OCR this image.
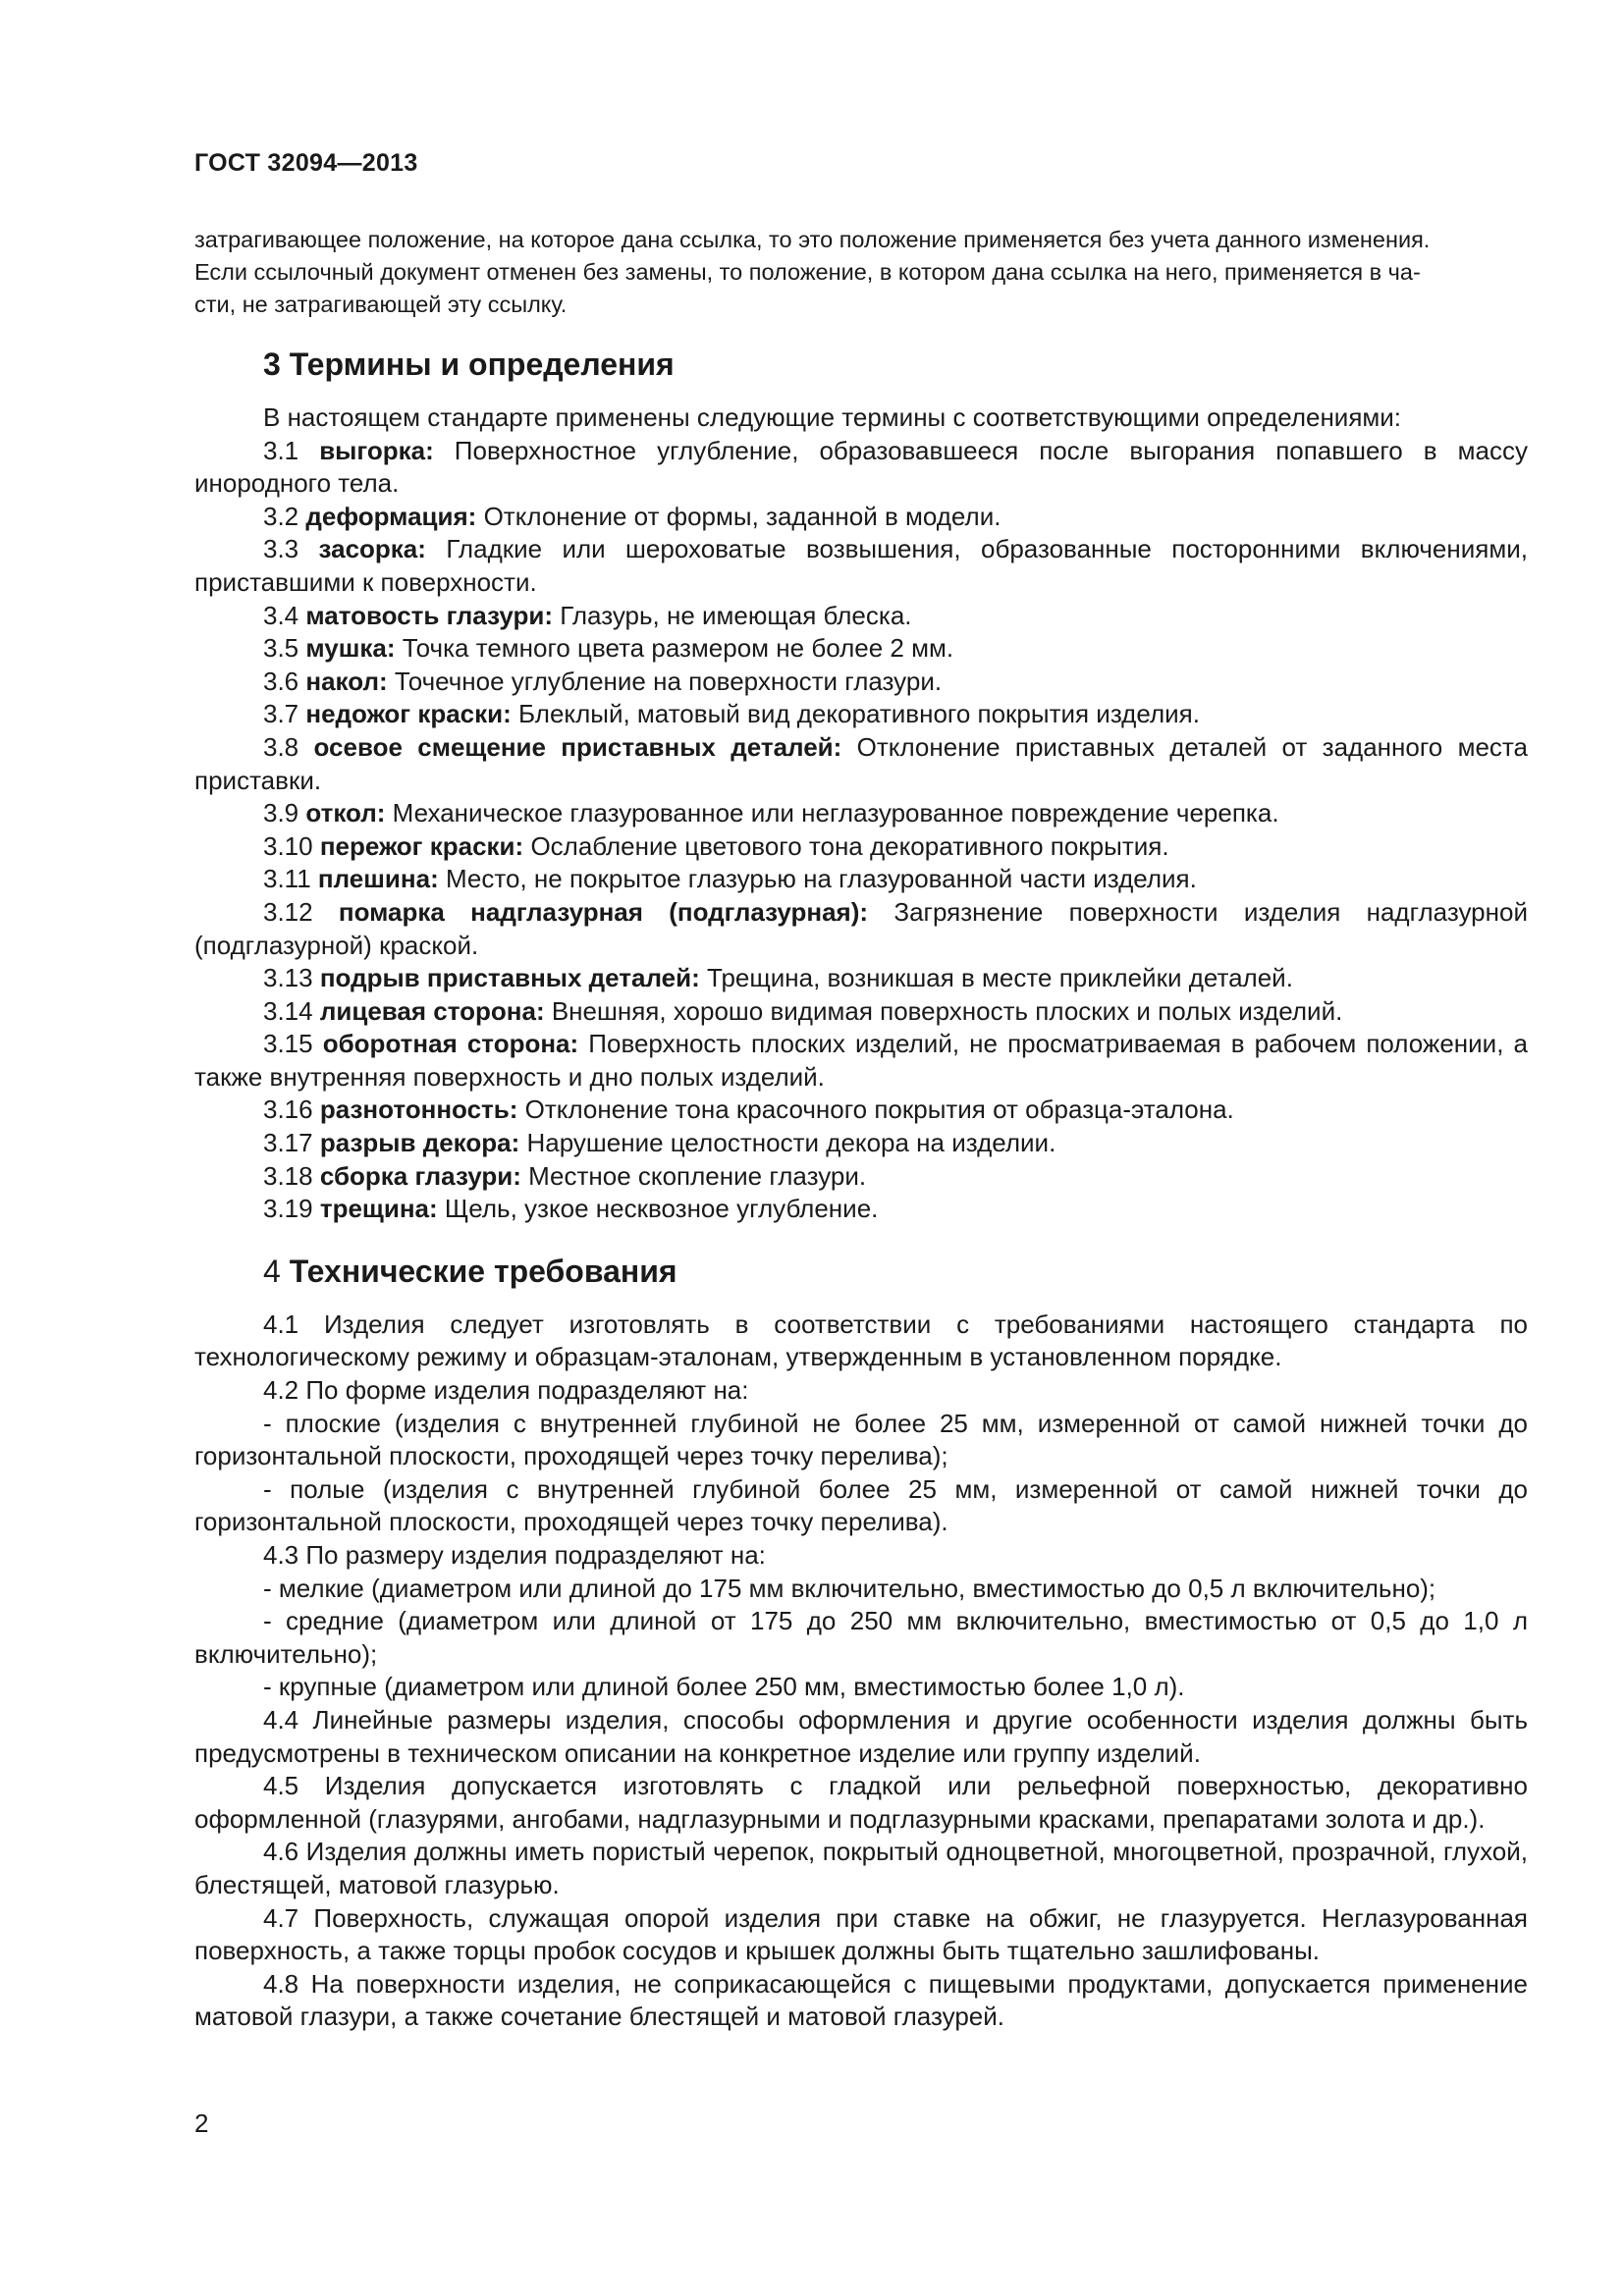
ГОСТ 32094—2013

затрагивающее положение, на которое дана ссылка, то это положение применяется без учета данного изменения.

Если ссылочный документ отменен без замены, то положение, в котором дана ссылка на него, применяется в ча-

сти, не затрагивающей эту ссылку.

3 Термины и определения

В настоящем стандарте применены следующие термины с соответствующими определениями:

3.1 выгорка: Поверхностное углубление, образовавшееся после выгорания попавшего в массу инородного тела.

3.2 деформация: Отклонение от формы, заданной в модели.

3.3 засорка: Гладкие или шероховатые возвышения, образованные посторонними включениями, приставшими к поверхности.

3.4 матовость глазури: Глазурь, не имеющая блеска.

3.5 мушка: Точка темного цвета размером не более 2 мм.

3.6 накол: Точечное углубление на поверхности глазури.

3.7 недожог краски: Блеклый, матовый вид декоративного покрытия изделия.

3.8 осевое смещение приставных деталей: Отклонение приставных деталей от заданного места приставки.

3.9 откол: Механическое глазурованное или неглазурованное повреждение черепка.

3.10 пережог краски: Ослабление цветового тона декоративного покрытия.

3.11 плешина: Место, не покрытое глазурью на глазурованной части изделия.

3.12 помарка надглазурная (подглазурная): Загрязнение поверхности изделия надглазурной (подглазурной) краской.

3.13 подрыв приставных деталей: Трещина, возникшая в месте приклейки деталей.

3.14 лицевая сторона: Внешняя, хорошо видимая поверхность плоских и полых изделий.

3.15 оборотная сторона: Поверхность плоских изделий, не просматриваемая в рабочем положении, а также внутренняя поверхность и дно полых изделий.

3.16 разнотонность: Отклонение тона красочного покрытия от образца-эталона.

3.17 разрыв декора: Нарушение целостности декора на изделии.

3.18 сборка глазури: Местное скопление глазури.

3.19 трещина: Щель, узкое несквозное углубление.

4 Технические требования

4.1 Изделия следует изготовлять в соответствии с требованиями настоящего стандарта по технологическому режиму и образцам-эталонам, утвержденным в установленном порядке.

4.2 По форме изделия подразделяют на:

- плоские (изделия с внутренней глубиной не более 25 мм, измеренной от самой нижней точки до горизонтальной плоскости, проходящей через точку перелива);

- полые (изделия с внутренней глубиной более 25 мм, измеренной от самой нижней точки до горизонтальной плоскости, проходящей через точку перелива).

4.3 По размеру изделия подразделяют на:

- мелкие (диаметром или длиной до 175 мм включительно, вместимостью до 0,5 л включительно);

- средние (диаметром или длиной от 175 до 250 мм включительно, вместимостью от 0,5 до 1,0 л включительно);

- крупные (диаметром или длиной более 250 мм, вместимостью более 1,0 л).

4.4 Линейные размеры изделия, способы оформления и другие особенности изделия должны быть предусмотрены в техническом описании на конкретное изделие или группу изделий.

4.5 Изделия допускается изготовлять с гладкой или рельефной поверхностью, декоративно оформленной (глазурями, ангобами, надглазурными и подглазурными красками, препаратами золота и др.).

4.6 Изделия должны иметь пористый черепок, покрытый одноцветной, многоцветной, прозрачной, глухой, блестящей, матовой глазурью.

4.7 Поверхность, служащая опорой изделия при ставке на обжиг, не глазуруется. Неглазурованная поверхность, а также торцы пробок сосудов и крышек должны быть тщательно зашлифованы.

4.8 На поверхности изделия, не соприкасающейся с пищевыми продуктами, допускается применение матовой глазури, а также сочетание блестящей и матовой глазурей.

2
